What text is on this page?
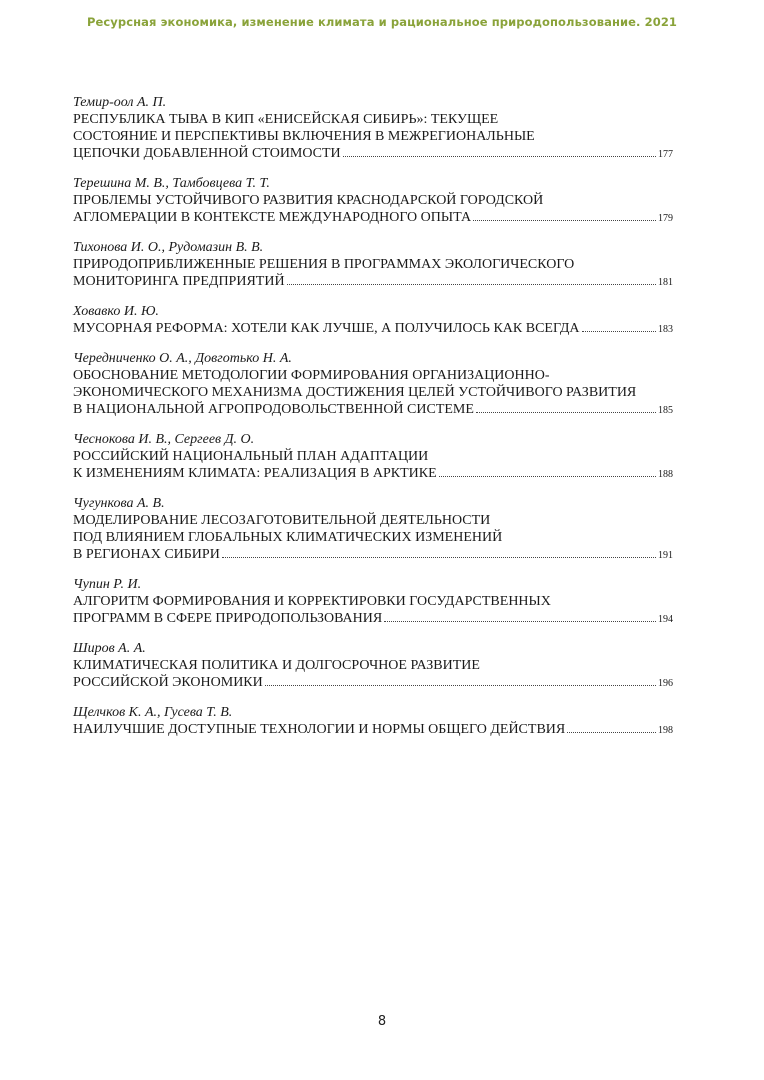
Ресурсная экономика, изменение климата и рациональное природопользование. 2021
Темир-оол А. П.
РЕСПУБЛИКА ТЫВА В КИП «ЕНИСЕЙСКАЯ СИБИРЬ»: ТЕКУЩЕЕ
СОСТОЯНИЕ И ПЕРСПЕКТИВЫ ВКЛЮЧЕНИЯ В МЕЖРЕГИОНАЛЬНЫЕ
ЦЕПОЧКИ ДОБАВЛЕННОЙ СТОИМОСТИ	177
Терешина М. В., Тамбовцева Т. Т.
ПРОБЛЕМЫ УСТОЙЧИВОГО РАЗВИТИЯ КРАСНОДАРСКОЙ ГОРОДСКОЙ
АГЛОМЕРАЦИИ В КОНТЕКСТЕ МЕЖДУНАРОДНОГО ОПЫТА	179
Тихонова И. О., Рудомазин В. В.
ПРИРОДОПРИБЛИЖЕННЫЕ РЕШЕНИЯ В ПРОГРАММАХ ЭКОЛОГИЧЕСКОГО
МОНИТОРИНГА ПРЕДПРИЯТИЙ	181
Ховавко И. Ю.
МУСОРНАЯ РЕФОРМА: ХОТЕЛИ КАК ЛУЧШЕ, А ПОЛУЧИЛОСЬ КАК ВСЕГДА	183
Чередниченко О. А., Довготько Н. А.
ОБОСНОВАНИЕ МЕТОДОЛОГИИ ФОРМИРОВАНИЯ ОРГАНИЗАЦИОННО-
ЭКОНОМИЧЕСКОГО МЕХАНИЗМА ДОСТИЖЕНИЯ ЦЕЛЕЙ УСТОЙЧИВОГО РАЗВИТИЯ
В НАЦИОНАЛЬНОЙ АГРОПРОДОВОЛЬСТВЕННОЙ СИСТЕМЕ	185
Чеснокова И. В., Сергеев Д. О.
РОССИЙСКИЙ НАЦИОНАЛЬНЫЙ ПЛАН АДАПТАЦИИ
К ИЗМЕНЕНИЯМ КЛИМАТА: РЕАЛИЗАЦИЯ В АРКТИКЕ	188
Чугункова А. В.
МОДЕЛИРОВАНИЕ ЛЕСОЗАГОТОВИТЕЛЬНОЙ ДЕЯТЕЛЬНОСТИ
ПОД ВЛИЯНИЕМ ГЛОБАЛЬНЫХ КЛИМАТИЧЕСКИХ ИЗМЕНЕНИЙ
В РЕГИОНАХ СИБИРИ	191
Чупин Р. И.
АЛГОРИТМ ФОРМИРОВАНИЯ И КОРРЕКТИРОВКИ ГОСУДАРСТВЕННЫХ
ПРОГРАММ В СФЕРЕ ПРИРОДОПОЛЬЗОВАНИЯ	194
Широв А. А.
КЛИМАТИЧЕСКАЯ ПОЛИТИКА И ДОЛГОСРОЧНОЕ РАЗВИТИЕ
РОССИЙСКОЙ ЭКОНОМИКИ	196
Щелчков К. А., Гусева Т. В.
НАИЛУЧШИЕ ДОСТУПНЫЕ ТЕХНОЛОГИИ И НОРМЫ ОБЩЕГО ДЕЙСТВИЯ	198
8
